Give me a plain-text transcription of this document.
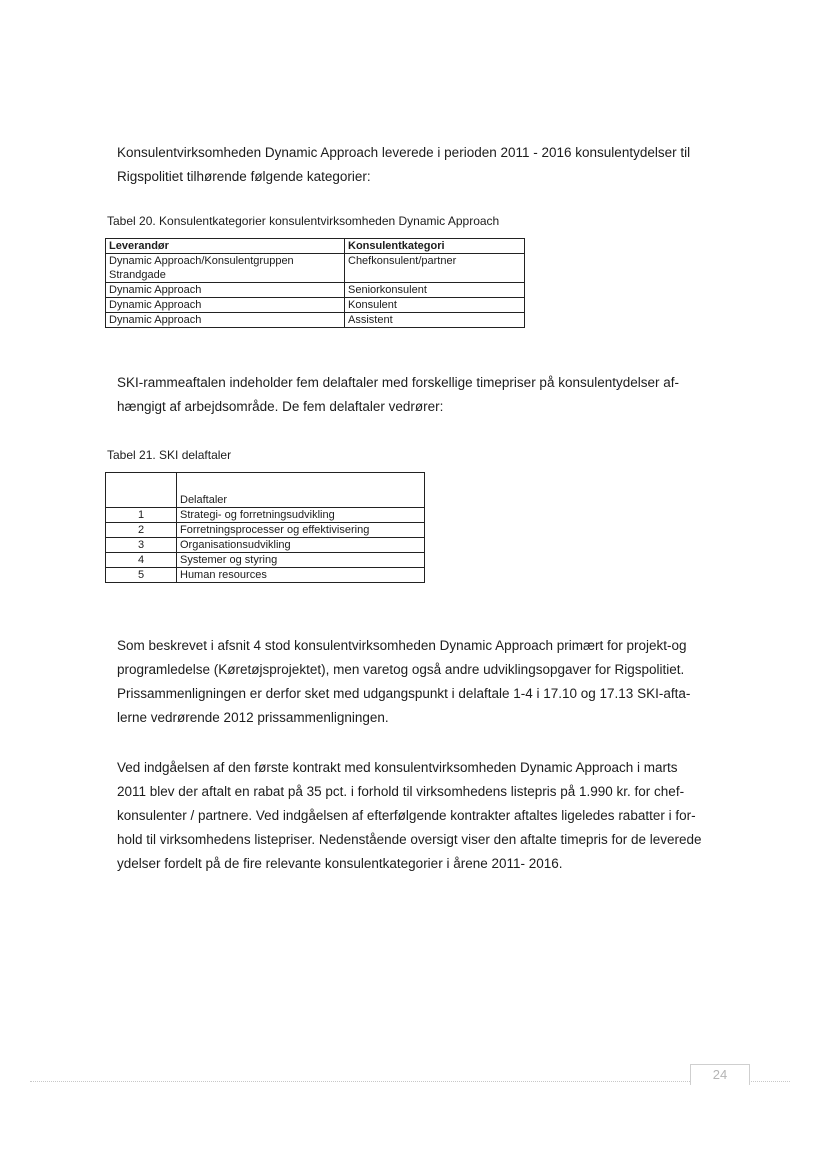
Konsulentvirksomheden Dynamic Approach leverede i perioden 2011 - 2016 konsulentydelser til
Rigspolitiet tilhørende følgende kategorier:

Tabel 20. Konsulentkategorier konsulentvirksomheden Dynamic Approach

Leverandør	Konsulentkategori
Dynamic Approach/Konsulentgruppen Strandgade	Chefkonsulent/partner
Dynamic Approach	Seniorkonsulent
Dynamic Approach	Konsulent
Dynamic Approach	Assistent

SKI-rammeaftalen indeholder fem delaftaler med forskellige timepriser på konsulentydelser af-
hængigt af arbejdsområde. De fem delaftaler vedrører:

Tabel 21. SKI delaftaler

	Delaftaler
1	Strategi- og forretningsudvikling
2	Forretningsprocesser og effektivisering
3	Organisationsudvikling
4	Systemer og styring
5	Human resources

Som beskrevet i afsnit 4 stod konsulentvirksomheden Dynamic Approach primært for projekt-og
programledelse (Køretøjsprojektet), men varetog også andre udviklingsopgaver for Rigspolitiet.
Prissammenligningen er derfor sket med udgangspunkt i delaftale 1-4 i 17.10 og 17.13 SKI-afta-
lerne vedrørende 2012 prissammenligningen.

Ved indgåelsen af den første kontrakt med konsulentvirksomheden Dynamic Approach i marts
2011 blev der aftalt en rabat på 35 pct. i forhold til virksomhedens listepris på 1.990 kr. for chef-
konsulenter / partnere. Ved indgåelsen af efterfølgende kontrakter aftaltes ligeledes rabatter i for-
hold til virksomhedens listepriser. Nedenstående oversigt viser den aftalte timepris for de leverede
ydelser fordelt på de fire relevante konsulentkategorier i årene 2011- 2016.

24
